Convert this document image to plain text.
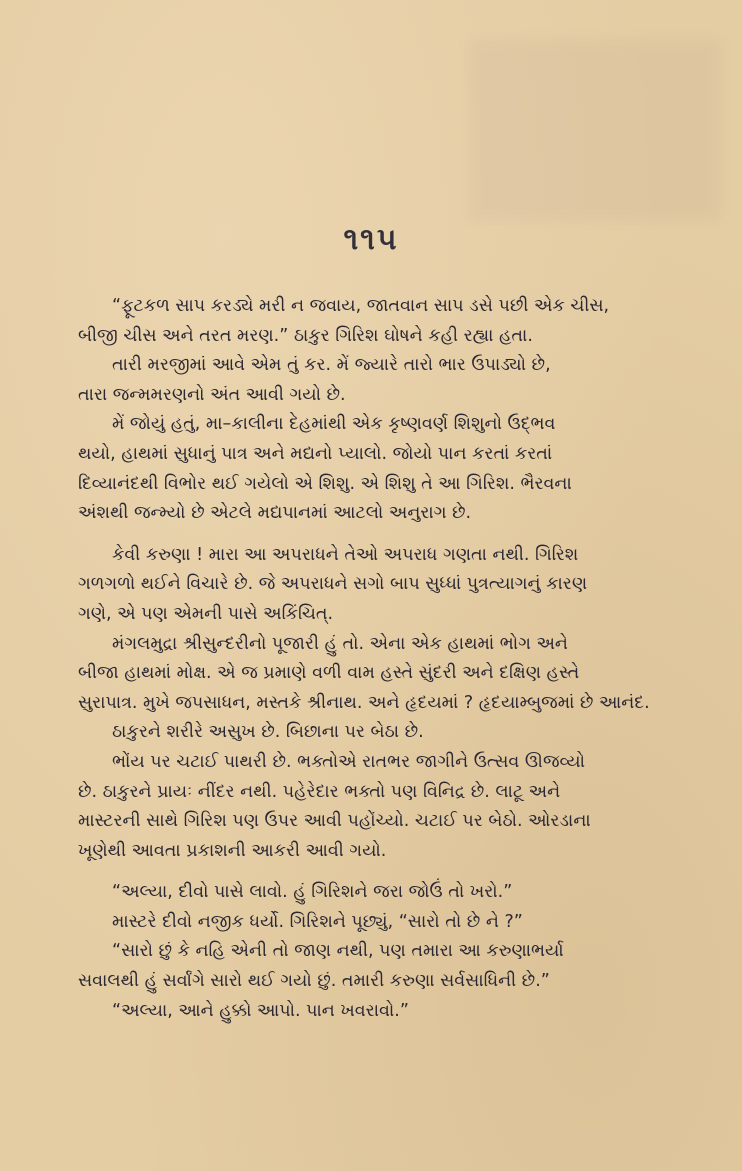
૧૧૫
“ફૂટકળ સાપ કરડ્યે મરી ન જવાય, જાતવાન સાપ ડસે પછી એક ચીસ,
બીજી ચીસ અને તરત મરણ.” ઠાકુર ગિરિશ ઘોષને કહી રહ્યા હતા.
તારી મરજીમાં આવે એમ તું કર. મેં જ્યારે તારો ભાર ઉપાડ્યો છે,
તારા જન્મમરણનો અંત આવી ગયો છે.
મેં જોયું હતું, મા–કાલીના દેહમાંથી એક કૃષ્ણવર્ણ શિશુનો ઉદ્‌ભવ
થયો, હાથમાં સુધાનું પાત્ર અને મદ્યનો પ્યાલો. જોયો પાન કરતાં કરતાં
દિવ્યાનંદથી વિભોર થઈ ગયેલો એ શિશુ. એ શિશુ તે આ ગિરિશ. ભૈરવના
અંશથી જન્મ્યો છે એટલે મદ્યપાનમાં આટલો અનુરાગ છે.
કેવી કરુણા ! મારા આ અપરાધને તેઓ અપરાધ ગણતા નથી. ગિરિશ
ગળગળો થઈને વિચારે છે. જે અપરાધને સગો બાપ સુધ્ધાં પુત્રત્યાગનું કારણ
ગણે, એ પણ એમની પાસે અકિંચિત્.
મંગલમુદ્રા શ્રીસુન્દરીનો પૂજારી હું તો. એના એક હાથમાં ભોગ અને
બીજા હાથમાં મોક્ષ. એ જ પ્રમાણે વળી વામ હસ્તે સુંદરી અને દક્ષિણ હસ્તે
સુરાપાત્ર. મુખે જપસાધન, મસ્તકે શ્રીનાથ. અને હૃદયમાં ? હૃદયામ્બુજમાં છે આનંદ.
ઠાકુરને શરીરે અસુખ છે. બિછાના પર બેઠા છે.
ભોંય પર ચટાઈ પાથરી છે. ભક્તોએ રાતભર જાગીને ઉત્સવ ઊજવ્યો
છે. ઠાકુરને પ્રાયઃ નીંદર નથી. પહેરેદાર ભક્તો પણ વિનિદ્ર છે. લાટૂ અને
માસ્ટરની સાથે ગિરિશ પણ ઉપર આવી પહોંચ્યો. ચટાઈ પર બેઠો. ઓરડાના
ખૂણેથી આવતા પ્રકાશની આકરી આવી ગયો.
“અલ્યા, દીવો પાસે લાવો. હું ગિરિશને જરા જોઉં તો ખરો.”
માસ્ટરે દીવો નજીક ધર્યો. ગિરિશને પૂછ્યું, “સારો તો છે ને ?”
“સારો છું કે નહિ એની તો જાણ નથી, પણ તમારા આ કરુણાભર્યા
સવાલથી હું સર્વાંગે સારો થઈ ગયો છું. તમારી કરુણા સર્વસાધિની છે.”
“અલ્યા, આને હુક્કો આપો. પાન ખવરાવો.”
